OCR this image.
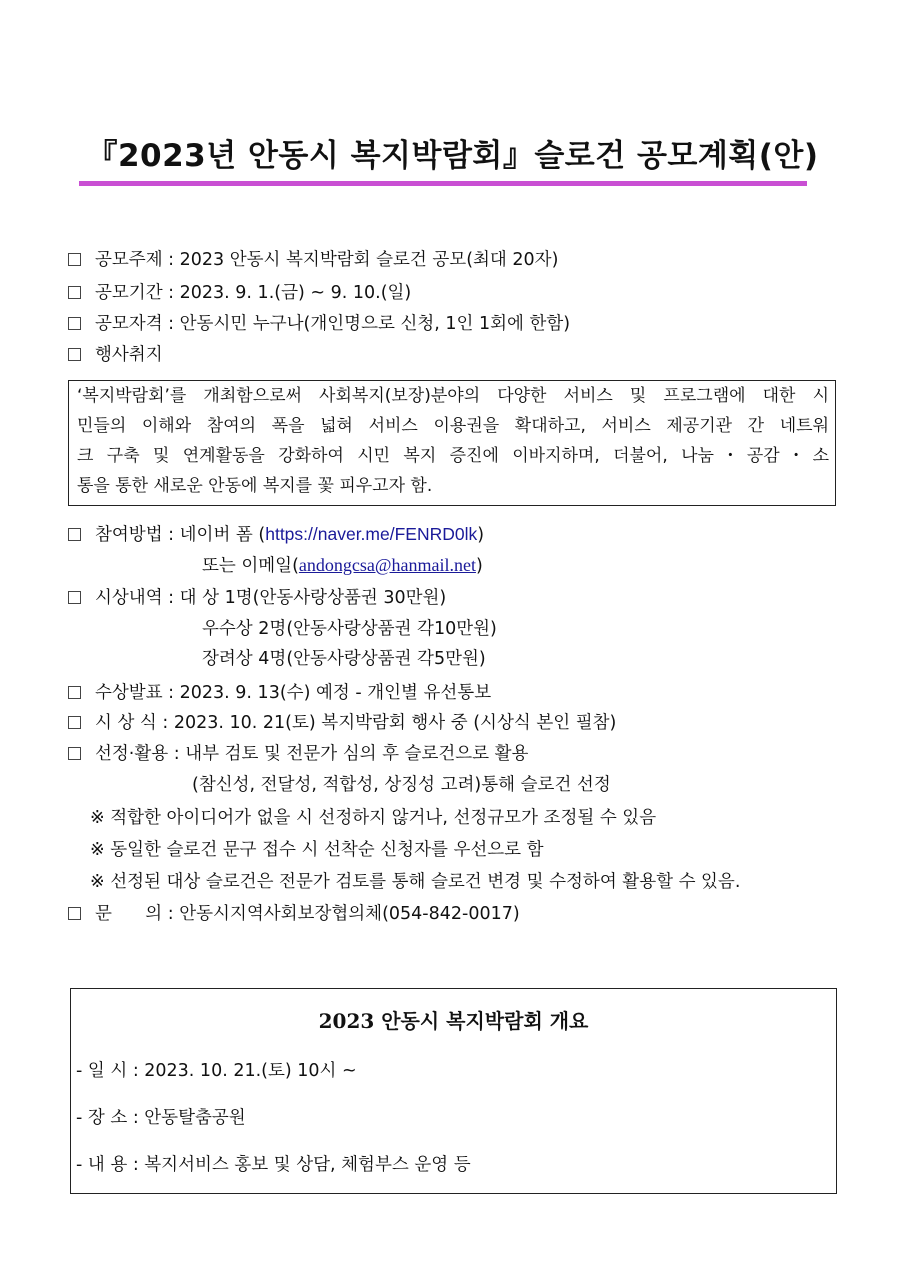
『2023년 안동시 복지박람회』슬로건 공모계획(안)
공모주제 : 2023 안동시 복지박람회 슬로건 공모(최대 20자)
공모기간 : 2023. 9. 1.(금) ~ 9. 10.(일)
공모자격 : 안동시민 누구나(개인명으로 신청, 1인 1회에 한함)
행사취지
‘복지박람회’를 개최함으로써 사회복지(보장)분야의 다양한 서비스 및 프로그램에 대한 시
민들의 이해와 참여의 폭을 넓혀 서비스 이용권을 확대하고, 서비스 제공기관 간 네트워
크 구축 및 연계활동을 강화하여 시민 복지 증진에 이바지하며, 더불어, 나눔・공감・소
통을 통한 새로운 안동에 복지를 꽃 피우고자 함.
참여방법 : 네이버 폼 (https://naver.me/FENRD0lk)
또는 이메일(andongcsa@hanmail.net)
시상내역 : 대 상 1명(안동사랑상품권 30만원)
우수상 2명(안동사랑상품권 각10만원)
장려상 4명(안동사랑상품권 각5만원)
수상발표 : 2023. 9. 13(수) 예정 - 개인별 유선통보
시 상 식 : 2023. 10. 21(토) 복지박람회 행사 중 (시상식 본인 필참)
선정·활용 : 내부 검토 및 전문가 심의 후 슬로건으로 활용
(참신성, 전달성, 적합성, 상징성 고려)통해 슬로건 선정
※ 적합한 아이디어가 없을 시 선정하지 않거나, 선정규모가 조정될 수 있음
※ 동일한 슬로건 문구 접수 시 선착순 신청자를 우선으로 함
※ 선정된 대상 슬로건은 전문가 검토를 통해 슬로건 변경 및 수정하여 활용할 수 있음.
문      의 : 안동시지역사회보장협의체(054-842-0017)
2023 안동시 복지박람회 개요
- 일 시 : 2023. 10. 21.(토) 10시 ~
- 장 소 : 안동탈춤공원
- 내 용 : 복지서비스 홍보 및 상담, 체험부스 운영 등
